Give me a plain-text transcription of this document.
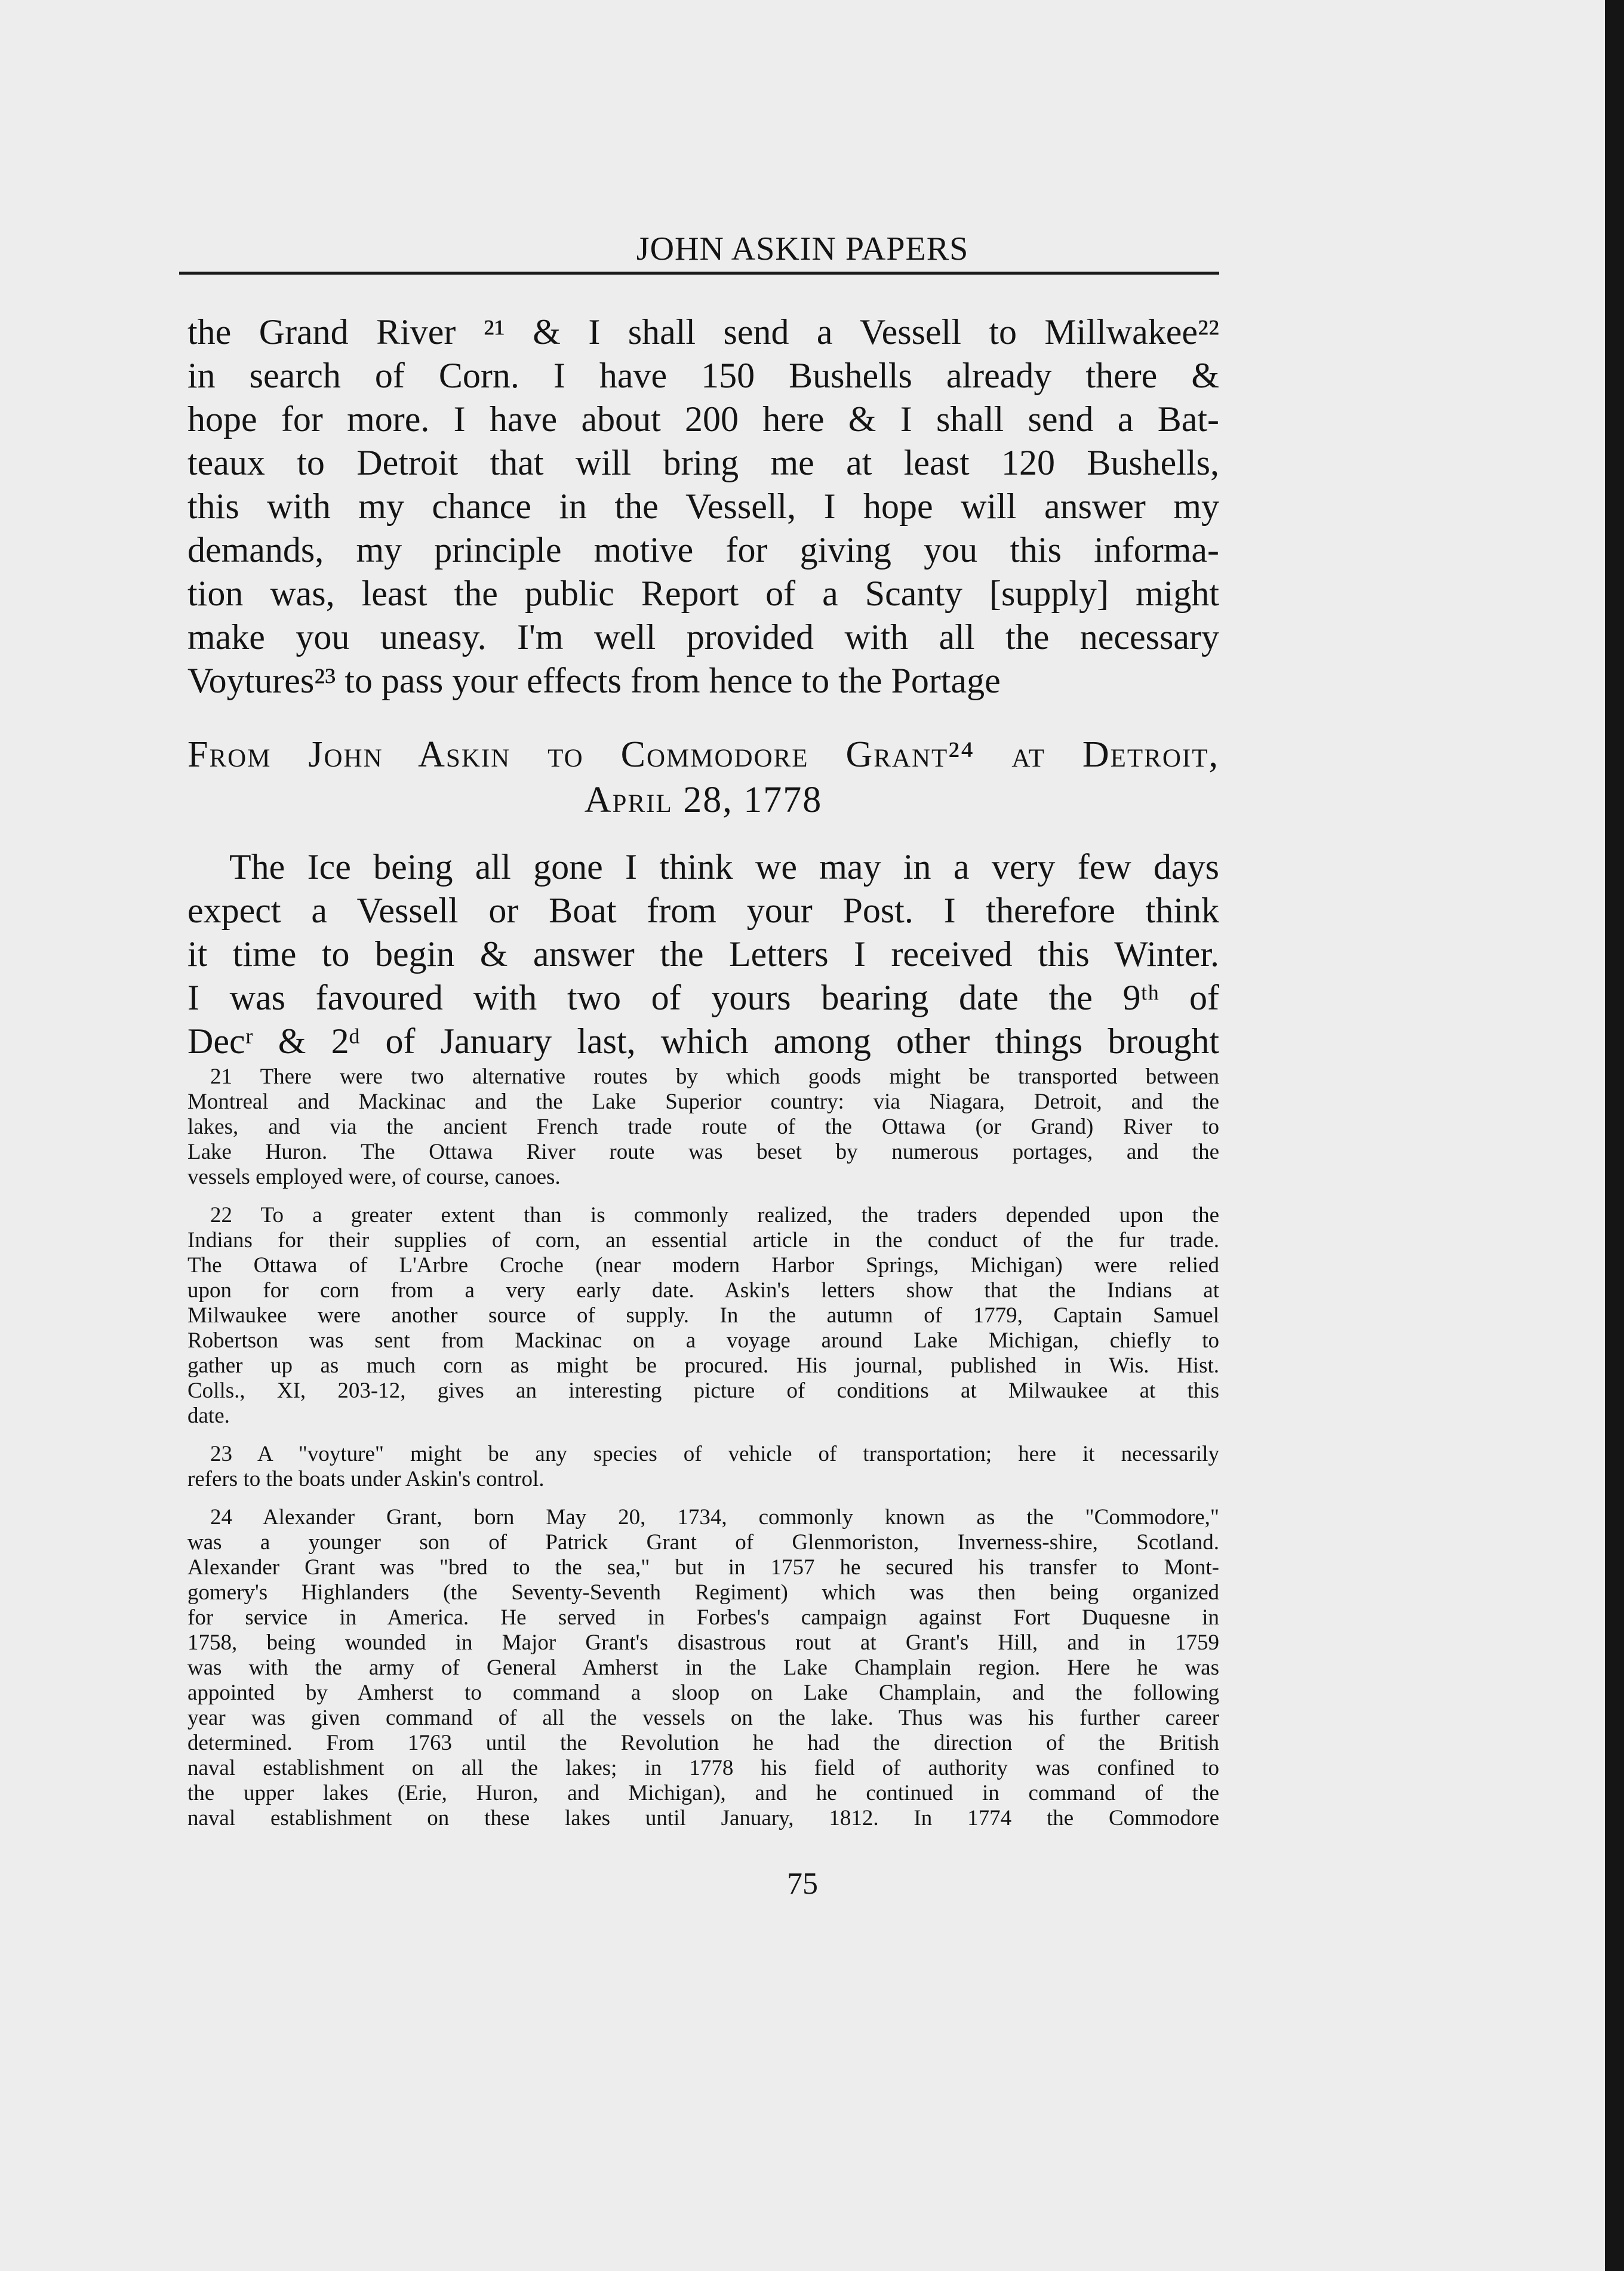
JOHN ASKIN PAPERS
the Grand River ²¹ & I shall send a Vessell to Millwakee²²
in search of Corn. I have 150 Bushells already there &
hope for more. I have about 200 here & I shall send a Bat-
teaux to Detroit that will bring me at least 120 Bushells,
this with my chance in the Vessell, I hope will answer my
demands, my principle motive for giving you this informa-
tion was, least the public Report of a Scanty [supply] might
make you uneasy. I'm well provided with all the necessary
Voytures²³ to pass your effects from hence to the Portage
From John Askin to Commodore Grant²⁴ at Detroit,
April 28, 1778
The Ice being all gone I think we may in a very few days
expect a Vessell or Boat from your Post. I therefore think
it time to begin & answer the Letters I received this Winter.
I was favoured with two of yours bearing date the 9ᵗʰ of
Decʳ & 2ᵈ of January last, which among other things brought
21 There were two alternative routes by which goods might be transported between
Montreal and Mackinac and the Lake Superior country: via Niagara, Detroit, and the
lakes, and via the ancient French trade route of the Ottawa (or Grand) River to
Lake Huron. The Ottawa River route was beset by numerous portages, and the
vessels employed were, of course, canoes.
22 To a greater extent than is commonly realized, the traders depended upon the
Indians for their supplies of corn, an essential article in the conduct of the fur trade.
The Ottawa of L'Arbre Croche (near modern Harbor Springs, Michigan) were relied
upon for corn from a very early date. Askin's letters show that the Indians at
Milwaukee were another source of supply. In the autumn of 1779, Captain Samuel
Robertson was sent from Mackinac on a voyage around Lake Michigan, chiefly to
gather up as much corn as might be procured. His journal, published in Wis. Hist.
Colls., XI, 203-12, gives an interesting picture of conditions at Milwaukee at this
date.
23 A "voyture" might be any species of vehicle of transportation; here it necessarily
refers to the boats under Askin's control.
24 Alexander Grant, born May 20, 1734, commonly known as the "Commodore,"
was a younger son of Patrick Grant of Glenmoriston, Inverness-shire, Scotland.
Alexander Grant was "bred to the sea," but in 1757 he secured his transfer to Mont-
gomery's Highlanders (the Seventy-Seventh Regiment) which was then being organized
for service in America. He served in Forbes's campaign against Fort Duquesne in
1758, being wounded in Major Grant's disastrous rout at Grant's Hill, and in 1759
was with the army of General Amherst in the Lake Champlain region. Here he was
appointed by Amherst to command a sloop on Lake Champlain, and the following
year was given command of all the vessels on the lake. Thus was his further career
determined. From 1763 until the Revolution he had the direction of the British
naval establishment on all the lakes; in 1778 his field of authority was confined to
the upper lakes (Erie, Huron, and Michigan), and he continued in command of the
naval establishment on these lakes until January, 1812. In 1774 the Commodore
75
